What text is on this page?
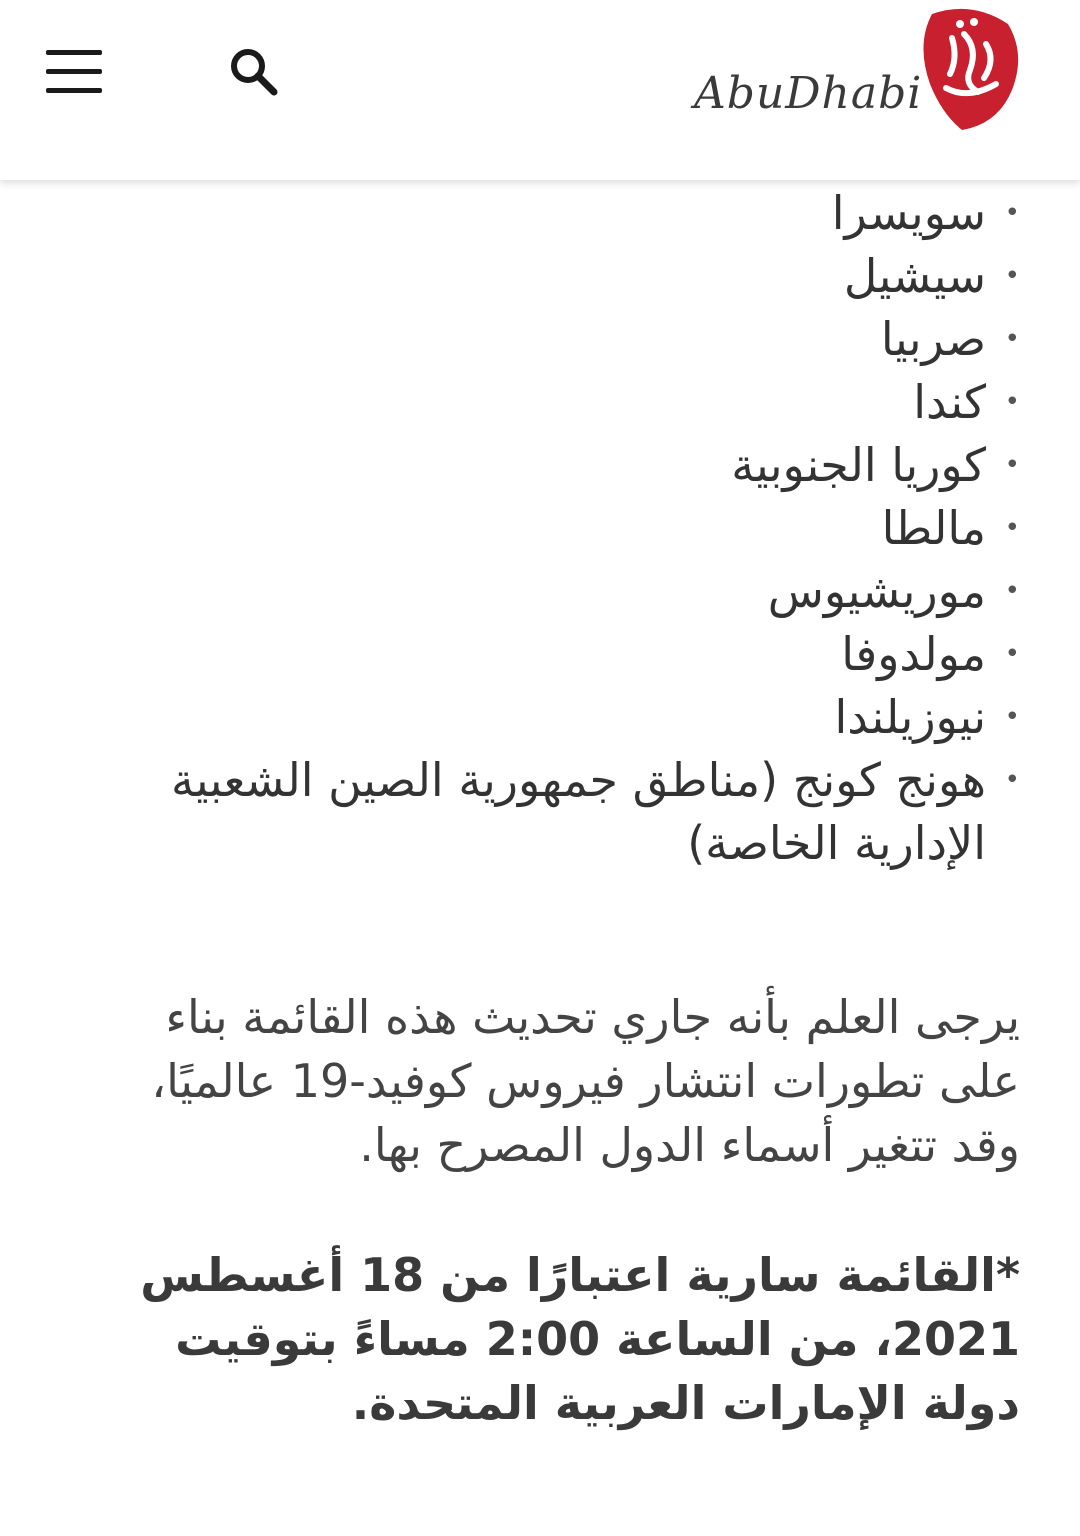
AbuDhabi
• سويسرا
• سيشيل
• صربيا
• كندا
• كوريا الجنوبية
• مالطا
• موريشيوس
• مولدوفا
• نيوزيلندا
• هونج كونج (مناطق جمهورية الصين الشعبية الإدارية الخاصة)

يرجى العلم بأنه جاري تحديث هذه القائمة بناء على تطورات انتشار فيروس كوفيد-19 عالميًا، وقد تتغير أسماء الدول المصرح بها.

*القائمة سارية اعتبارًا من 18 أغسطس 2021، من الساعة 2:00 مساءً بتوقيت دولة الإمارات العربية المتحدة.
